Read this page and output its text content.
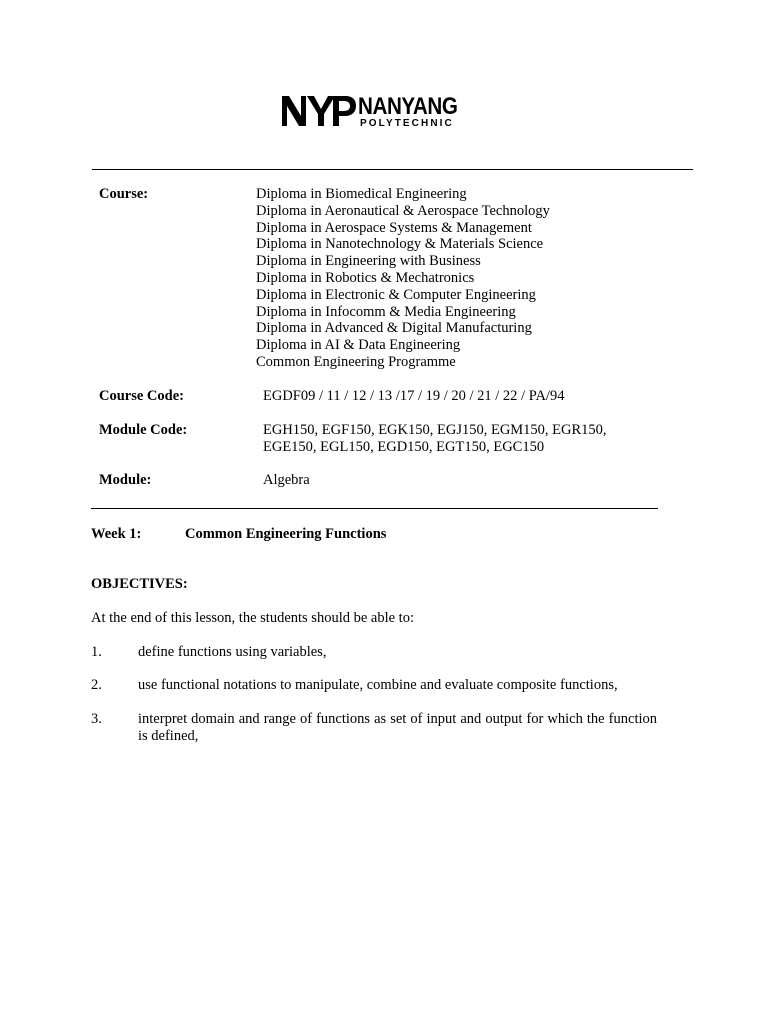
NANYANG
POLYTECHNIC
Course:	Diploma in Biomedical Engineering
Diploma in Aeronautical & Aerospace Technology
Diploma in Aerospace Systems & Management
Diploma in Nanotechnology & Materials Science
Diploma in Engineering with Business
Diploma in Robotics & Mechatronics
Diploma in Electronic & Computer Engineering
Diploma in Infocomm & Media Engineering
Diploma in Advanced & Digital Manufacturing
Diploma in AI & Data Engineering
Common Engineering Programme
Course Code:	EGDF09 / 11 / 12 / 13 /17 / 19 / 20 / 21 / 22 / PA/94
Module Code:	EGH150, EGF150, EGK150, EGJ150, EGM150, EGR150,
EGE150, EGL150, EGD150, EGT150, EGC150
Module:	Algebra
Week 1:	Common Engineering Functions
OBJECTIVES:
At the end of this lesson, the students should be able to:
1. define functions using variables,
2. use functional notations to manipulate, combine and evaluate composite functions,
3. interpret domain and range of functions as set of input and output for which the function is defined,
